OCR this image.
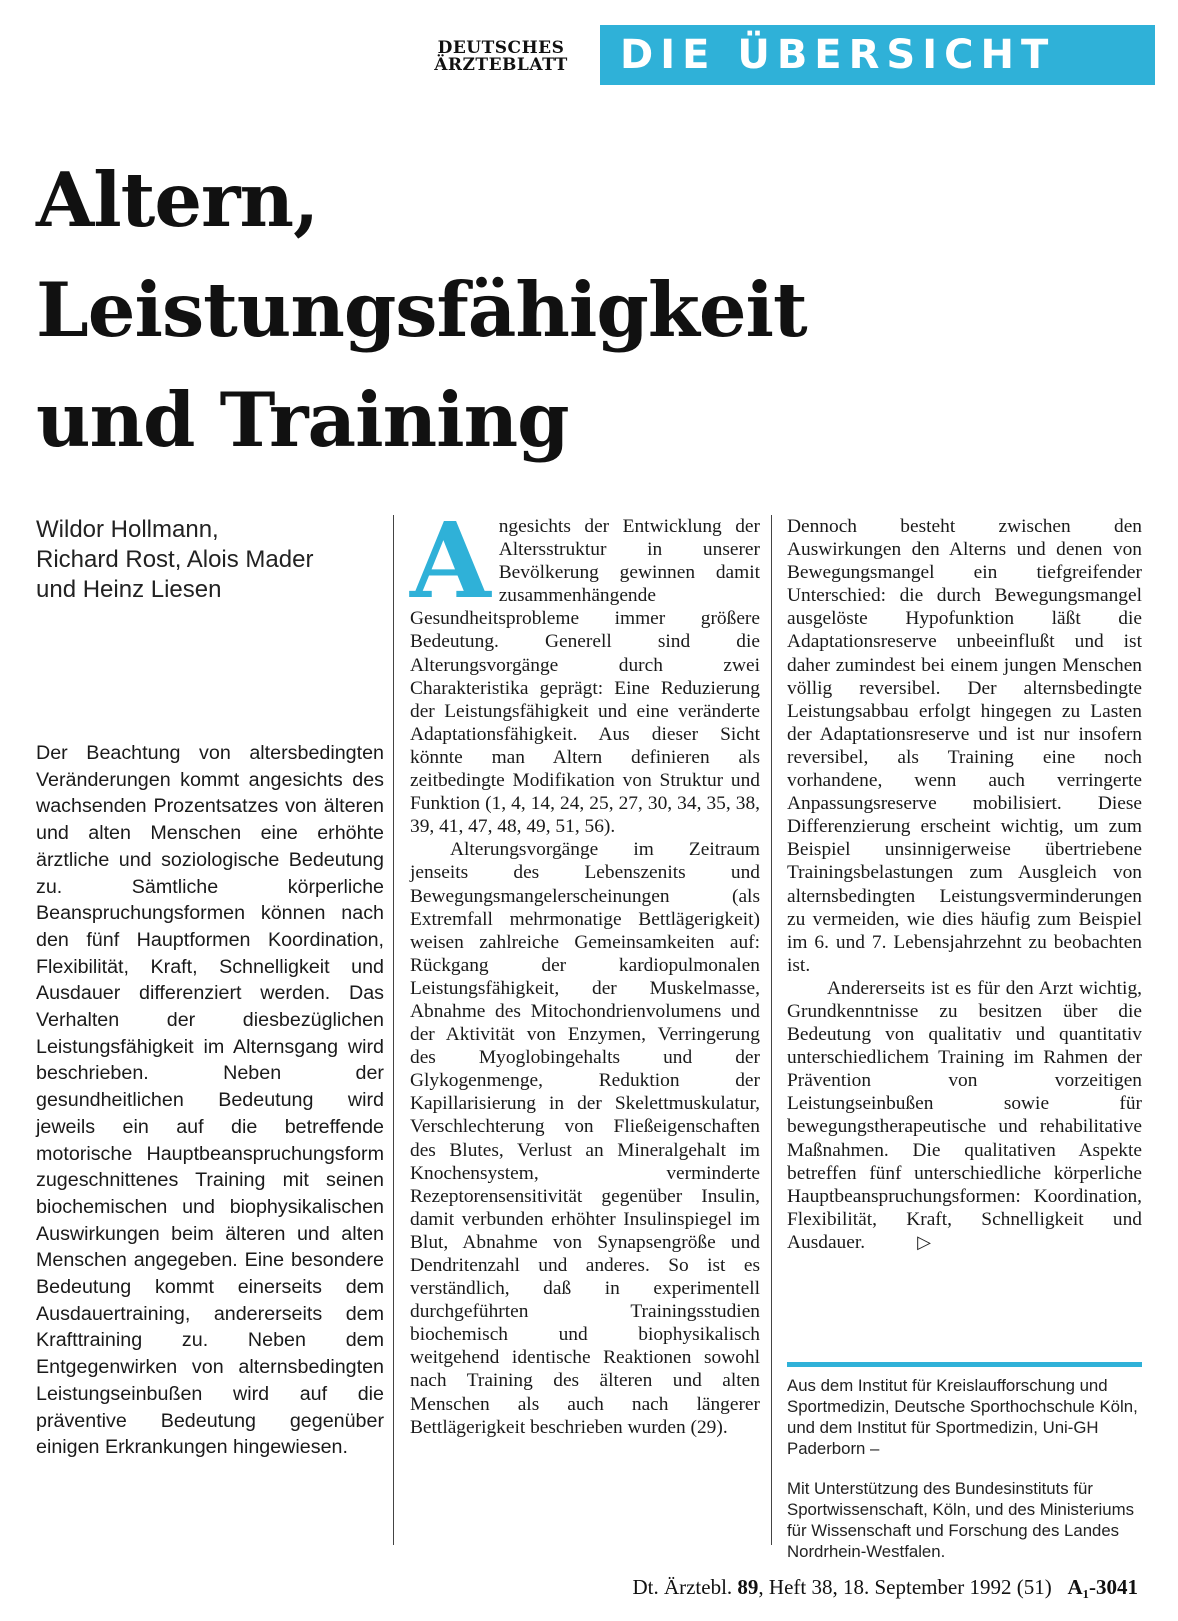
DEUTSCHES
ÄRZTEBLATT	DIE ÜBERSICHT
Altern,
Leistungsfähigkeit
und Training
Wildor Hollmann,
Richard Rost, Alois Mader
und Heinz Liesen

Der Beachtung von altersbedingten Veränderungen kommt angesichts des wachsenden Prozentsatzes von älteren und alten Menschen eine erhöhte ärztliche und soziologische Bedeutung zu. Sämtliche körperliche Beanspruchungsformen können nach den fünf Hauptformen Koordination, Flexibilität, Kraft, Schnelligkeit und Ausdauer differenziert werden. Das Verhalten der diesbezüglichen Leistungsfähigkeit im Alternsgang wird beschrieben. Neben der gesundheitlichen Bedeutung wird jeweils ein auf die betreffende motorische Hauptbeanspruchungsform zugeschnittenes Training mit seinen biochemischen und biophysikalischen Auswirkungen beim älteren und alten Menschen angegeben. Eine besondere Bedeutung kommt einerseits dem Ausdauertraining, andererseits dem Krafttraining zu. Neben dem Entgegenwirken von alternsbedingten Leistungseinbußen wird auf die präventive Bedeutung gegenüber einigen Erkrankungen hingewiesen.

Angesichts der Entwicklung der Altersstruktur in unserer Bevölkerung gewinnen damit zusammenhängende Gesundheitsprobleme immer größere Bedeutung. Generell sind die Alterungsvorgänge durch zwei Charakteristika geprägt: Eine Reduzierung der Leistungsfähigkeit und eine veränderte Adaptationsfähigkeit. Aus dieser Sicht könnte man Altern definieren als zeitbedingte Modifikation von Struktur und Funktion (1, 4, 14, 24, 25, 27, 30, 34, 35, 38, 39, 41, 47, 48, 49, 51, 56).

Alterungsvorgänge im Zeitraum jenseits des Lebenszenits und Bewegungsmangelerscheinungen (als Extremfall mehrmonatige Bettlägerigkeit) weisen zahlreiche Gemeinsamkeiten auf: Rückgang der kardiopulmonalen Leistungsfähigkeit, der Muskelmasse, Abnahme des Mitochondrienvolumens und der Aktivität von Enzymen, Verringerung des Myoglobingehalts und der Glykogenmenge, Reduktion der Kapillarisierung in der Skelettmuskulatur, Verschlechterung von Fließeigenschaften des Blutes, Verlust an Mineralgehalt im Knochensystem, verminderte Rezeptorensensitivität gegenüber Insulin, damit verbunden erhöhter Insulinspiegel im Blut, Abnahme von Synapsengröße und Dendritenzahl und anderes. So ist es verständlich, daß in experimentell durchgeführten Trainingsstudien biochemisch und biophysikalisch weitgehend identische Reaktionen sowohl nach Training des älteren und alten Menschen als auch nach längerer Bettlägerigkeit beschrieben wurden (29).

Dennoch besteht zwischen den Auswirkungen den Alterns und denen von Bewegungsmangel ein tiefgreifender Unterschied: die durch Bewegungsmangel ausgelöste Hypofunktion läßt die Adaptationsreserve unbeeinflußt und ist daher zumindest bei einem jungen Menschen völlig reversibel. Der alternsbedingte Leistungsabbau erfolgt hingegen zu Lasten der Adaptationsreserve und ist nur insofern reversibel, als Training eine noch vorhandene, wenn auch verringerte Anpassungsreserve mobilisiert. Diese Differenzierung erscheint wichtig, um zum Beispiel unsinnigerweise übertriebene Trainingsbelastungen zum Ausgleich von alternsbedingten Leistungsverminderungen zu vermeiden, wie dies häufig zum Beispiel im 6. und 7. Lebensjahrzehnt zu beobachten ist.

Andererseits ist es für den Arzt wichtig, Grundkenntnisse zu besitzen über die Bedeutung von qualitativ und quantitativ unterschiedlichem Training im Rahmen der Prävention von vorzeitigen Leistungseinbußen sowie für bewegungstherapeutische und rehabilitative Maßnahmen. Die qualitativen Aspekte betreffen fünf unterschiedliche körperliche Hauptbeanspruchungsformen: Koordination, Flexibilität, Kraft, Schnelligkeit und Ausdauer.	▷

Aus dem Institut für Kreislaufforschung und Sportmedizin, Deutsche Sporthochschule Köln, und dem Institut für Sportmedizin, Uni-GH Paderborn –
Mit Unterstützung des Bundesinstituts für Sportwissenschaft, Köln, und des Ministeriums für Wissenschaft und Forschung des Landes Nordrhein-Westfalen.
Dt. Ärztebl. 89, Heft 38, 18. September 1992 (51) A₁-3041
